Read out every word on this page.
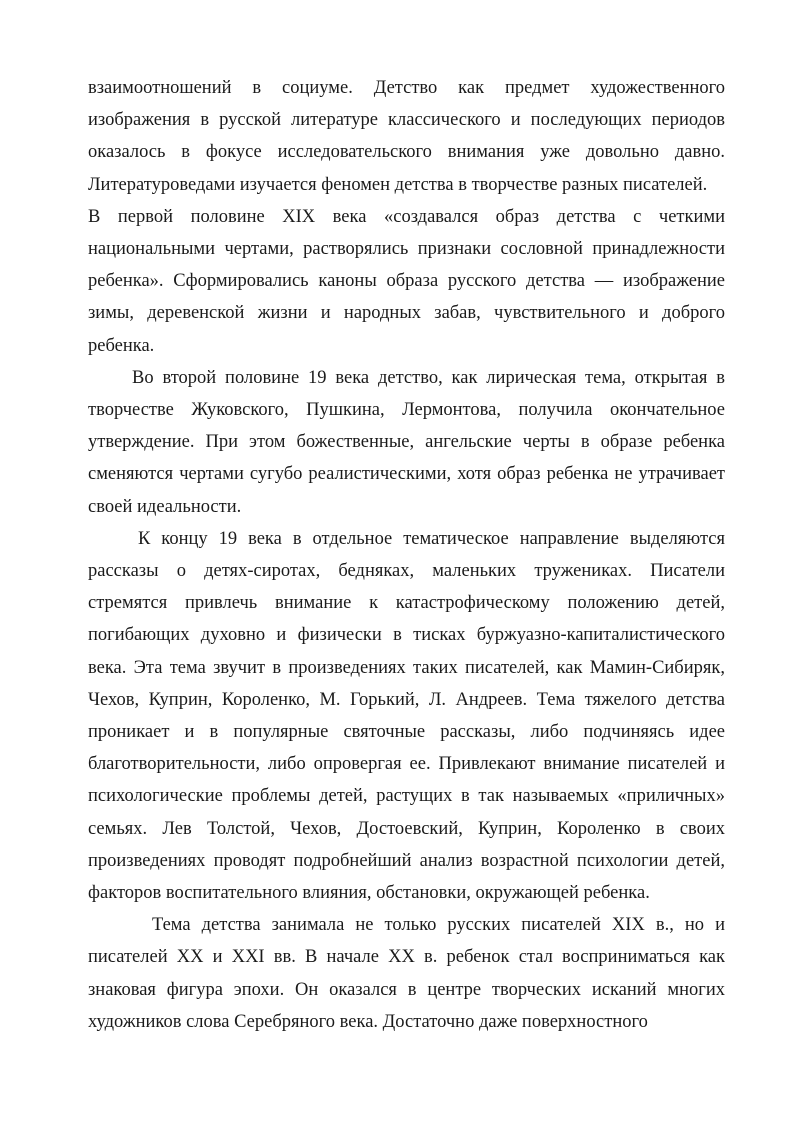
взаимоотношений в социуме. Детство как предмет художественного изображения в русской литературе классического и последующих периодов оказалось в фокусе исследовательского внимания уже довольно давно. Литературоведами изучается феномен детства в творчестве разных писателей.

В первой половине XIX века «создавался образ детства с четкими национальными чертами, растворялись признаки сословной принадлежности ребенка». Сформировались каноны образа русского детства — изображение зимы, деревенской жизни и народных забав, чувствительного и доброго ребенка.

Во второй половине 19 века детство, как лирическая тема, открытая в творчестве Жуковского, Пушкина, Лермонтова, получила окончательное утверждение. При этом божественные, ангельские черты в образе ребенка сменяются чертами сугубо реалистическими, хотя образ ребенка не утрачивает своей идеальности.

К концу 19 века в отдельное тематическое направление выделяются рассказы о детях-сиротах, бедняках, маленьких тружениках. Писатели стремятся привлечь внимание к катастрофическому положению детей, погибающих духовно и физически в тисках буржуазно-капиталистического века. Эта тема звучит в произведениях таких писателей, как Мамин-Сибиряк, Чехов, Куприн, Короленко, М. Горький, Л. Андреев. Тема тяжелого детства проникает и в популярные святочные рассказы, либо подчиняясь идее благотворительности, либо опровергая ее. Привлекают внимание писателей и психологические проблемы детей, растущих в так называемых «приличных» семьях. Лев Толстой, Чехов, Достоевский, Куприн, Короленко в своих произведениях проводят подробнейший анализ возрастной психологии детей, факторов воспитательного влияния, обстановки, окружающей ребенка.

Тема детства занимала не только русских писателей XIX в., но и писателей XX и XXI вв. В начале XX в. ребенок стал восприниматься как знаковая фигура эпохи. Он оказался в центре творческих исканий многих художников слова Серебряного века. Достаточно даже поверхностного
